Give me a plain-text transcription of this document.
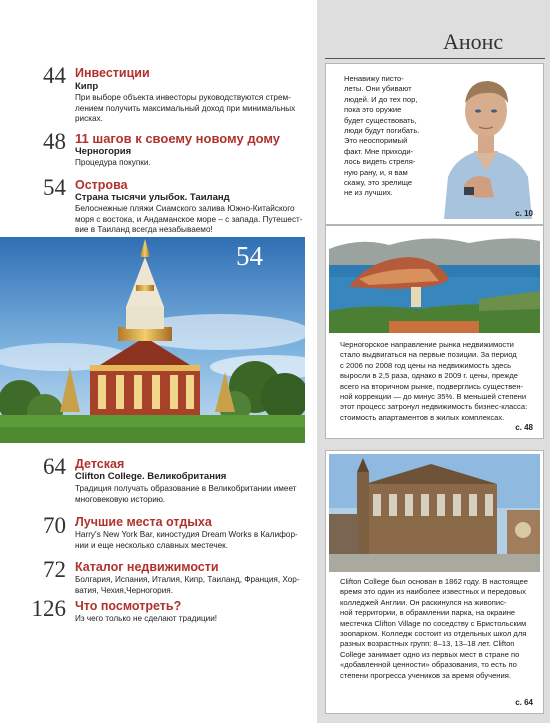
44 Инвестиции
Кипр
При выборе объекта инвесторы руководствуются стрем-
лением получить максимальный доход при минимальных
рисках.
48 11 шагов к своему новому дому
Черногория
Процедура покупки.
54 Острова
Страна тысячи улыбок. Таиланд
Белоснежные пляжи Сиамского залива Южно-Китайского
моря с востока, и Андаманское море – с запада. Путешест-
вие в Таиланд всегда незабываемо!
54
64 Детская
Clifton College. Великобритания
Традиция получать образование в Великобритании имеет
многовековую историю.
70 Лучшие места отдыха
Harry's New York Bar, киностудия Dream Works в Калифор-
нии и еще несколько славных местечек.
72 Каталог недвижимости
Болгария, Испания, Италия, Кипр, Таиланд, Франция, Хор-
ватия, Чехия,Черногория.
126 Что посмотреть?
Из чего только не сделают традиции!
Анонс
Ненавижу писто-
леты. Они убивают
людей. И до тех пор,
пока это оружие
будет существовать,
люди будут погибать.
Это неоспоримый
факт. Мне приходи-
лось видеть стреля-
ную рану, и, я вам
скажу, это зрелище
не из лучших.
с. 10
Черногорское направление рынка недвижимости
стало выдвигаться на первые позиции. За период
с 2006 по 2008 год цены на недвижимость здесь
выросли в 2,5 раза, однако в 2009 г. цены, прежде
всего на вторичном рынке, подверглись существен-
ной коррекции — до минус 35%. В меньшей степени
этот процесс затронул недвижимость бизнес-класса:
стоимость апартаментов в жилых комплексах.
с. 48
Clifton College был основан в 1862 году. В настоящее
время это один из наиболее известных и передовых
колледжей Англии. Он раскинулся на живопис-
ной территории, в обрамлении парка, на окраине
местечка Clifton Village по соседству с Бристольским
зоопарком. Колледж состоит из отдельных школ для
разных возрастных групп: 8–13, 13–18 лет. Clifton
College занимает одно из первых мест в стране по
«добавленной ценности» образования, то есть по
степени прогресса учеников за время обучения.
с. 64
